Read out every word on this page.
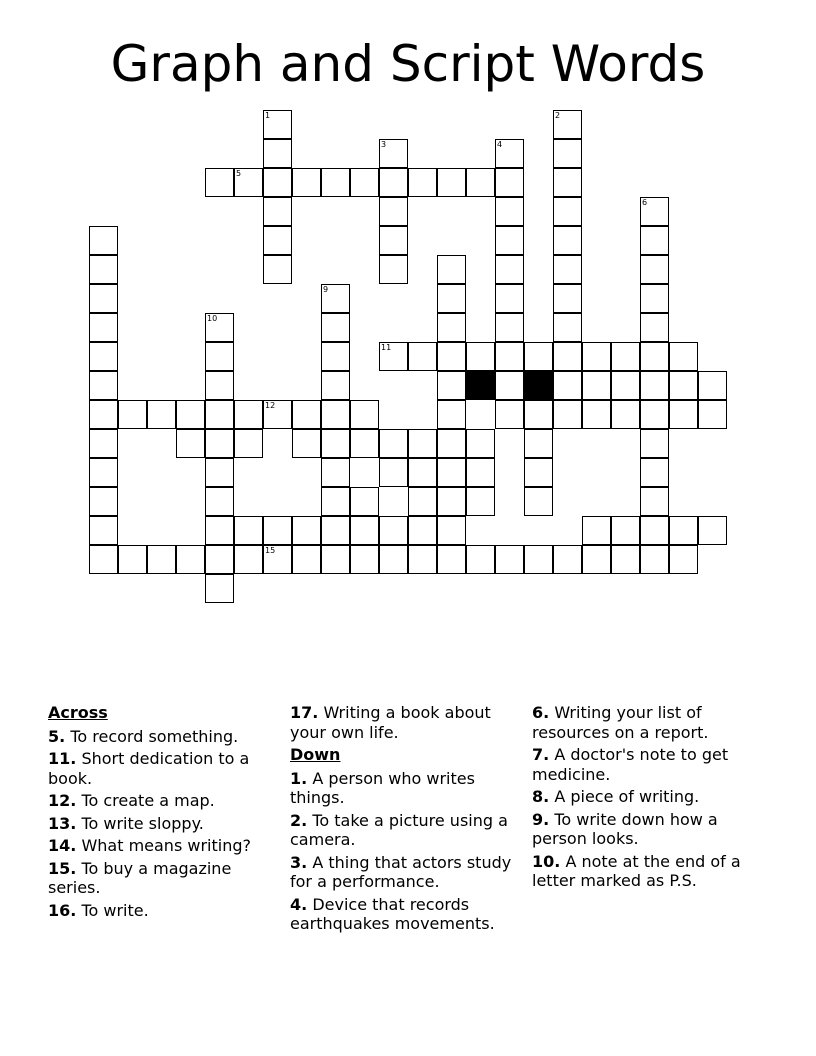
Graph and Script Words
1
3
5
4
2
6
9
10
11
12
15
Across
5. To record something.
11. Short dedication to a book.
12. To create a map.
13. To write sloppy.
14. What means writing?
15. To buy a magazine series.
16. To write.
17. Writing a book about your own life.
Down
1. A person who writes things.
2. To take a picture using a camera.
3. A thing that actors study for a performance.
4. Device that records earthquakes movements.
6. Writing your list of resources on a report.
7. A doctor's note to get medicine.
8. A piece of writing.
9. To write down how a person looks.
10. A note at the end of a letter marked as P.S.
